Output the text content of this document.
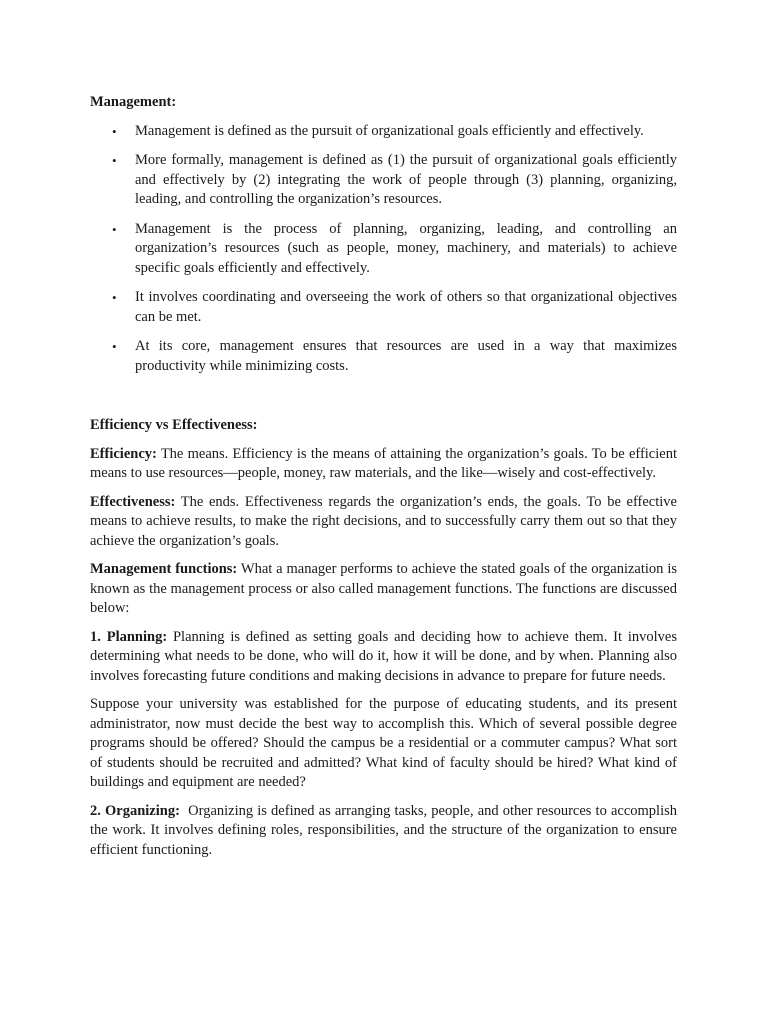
Management:
• Management is defined as the pursuit of organizational goals efficiently and effectively.
• More formally, management is defined as (1) the pursuit of organizational goals efficiently and effectively by (2) integrating the work of people through (3) planning, organizing, leading, and controlling the organization’s resources.
• Management is the process of planning, organizing, leading, and controlling an organization’s resources (such as people, money, machinery, and materials) to achieve specific goals efficiently and effectively.
• It involves coordinating and overseeing the work of others so that organizational objectives can be met.
• At its core, management ensures that resources are used in a way that maximizes productivity while minimizing costs.
Efficiency vs Effectiveness:

Efficiency: The means. Efficiency is the means of attaining the organization’s goals. To be efficient means to use resources—people, money, raw materials, and the like—wisely and cost-effectively.

Effectiveness: The ends. Effectiveness regards the organization’s ends, the goals. To be effective means to achieve results, to make the right decisions, and to successfully carry them out so that they achieve the organization’s goals.

Management functions: What a manager performs to achieve the stated goals of the organization is known as the management process or also called management functions. The functions are discussed below:

1. Planning: Planning is defined as setting goals and deciding how to achieve them. It involves determining what needs to be done, who will do it, how it will be done, and by when. Planning also involves forecasting future conditions and making decisions in advance to prepare for future needs.

Suppose your university was established for the purpose of educating students, and its present administrator, now must decide the best way to accomplish this. Which of several possible degree programs should be offered? Should the campus be a residential or a commuter campus? What sort of students should be recruited and admitted? What kind of faculty should be hired? What kind of buildings and equipment are needed?

2. Organizing:  Organizing is defined as arranging tasks, people, and other resources to accomplish the work. It involves defining roles, responsibilities, and the structure of the organization to ensure efficient functioning.
